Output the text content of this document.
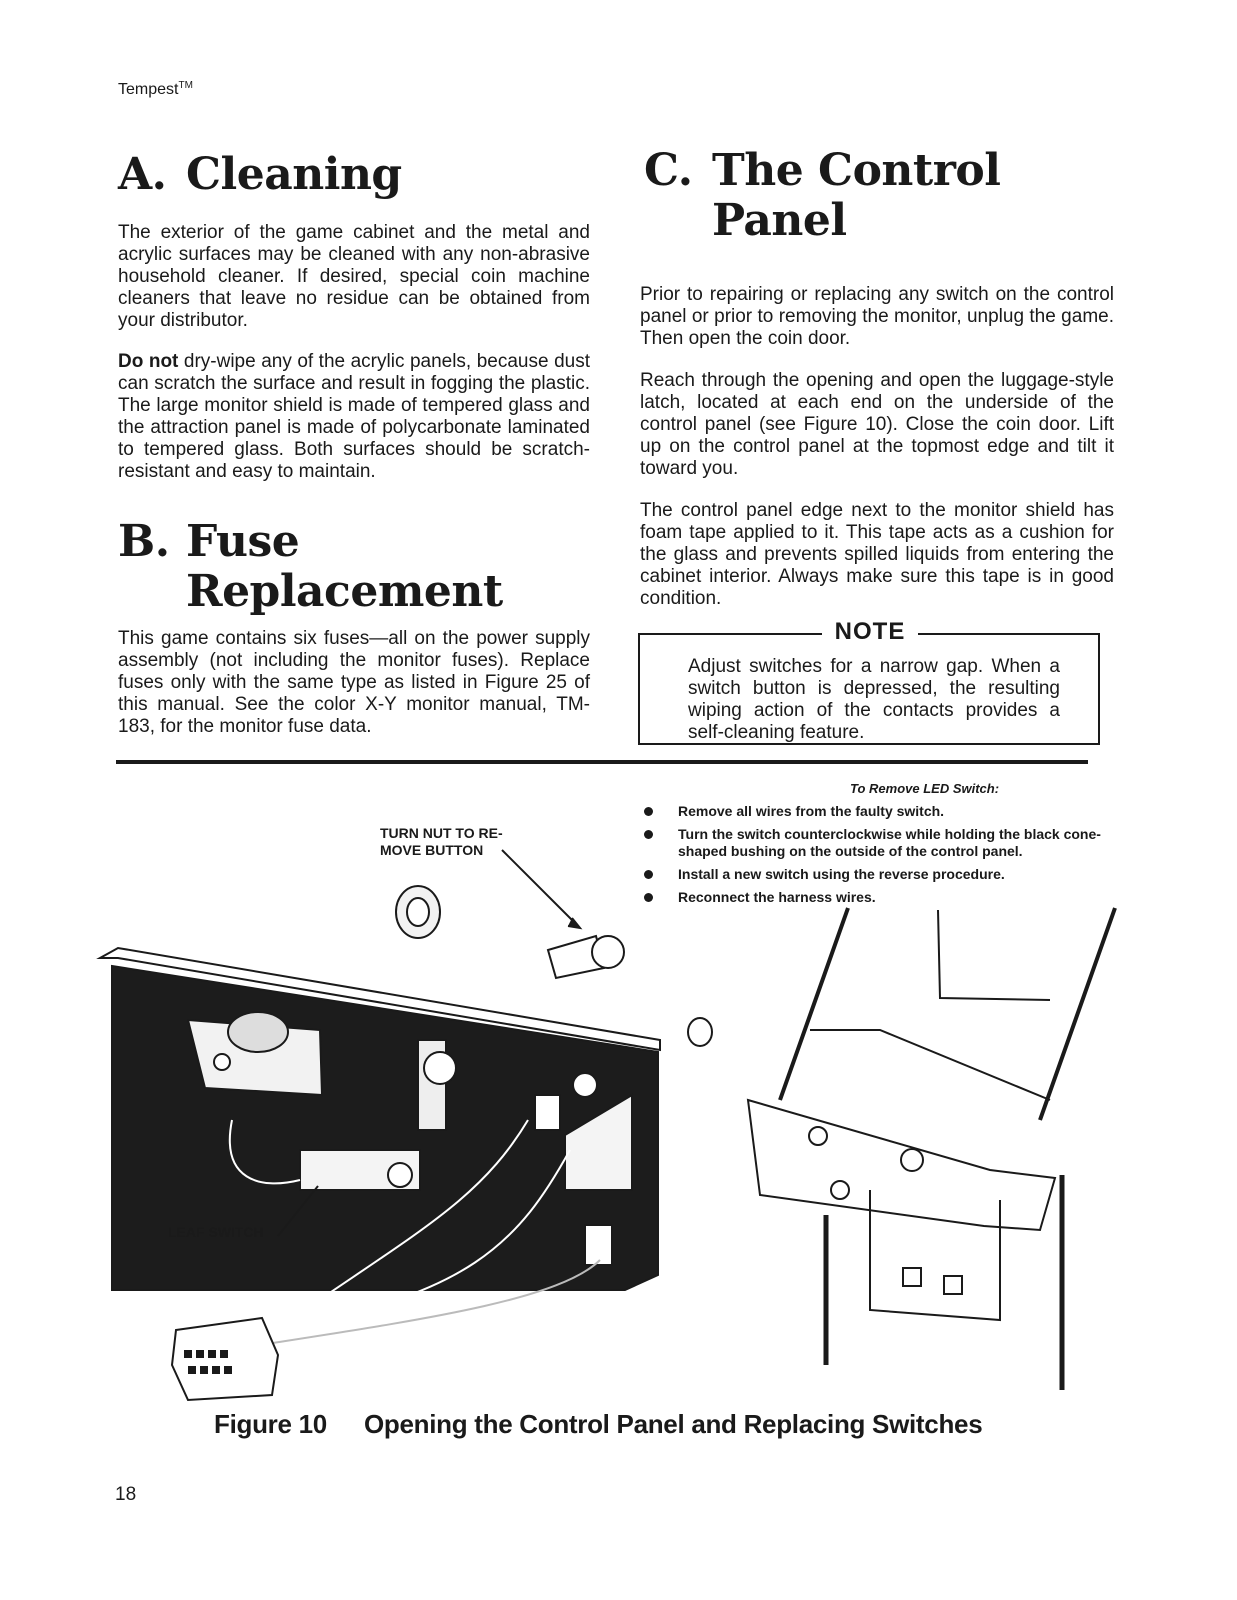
Tempest™
A. Cleaning

The exterior of the game cabinet and the metal and acrylic surfaces may be cleaned with any non-abrasive household cleaner. If desired, special coin machine cleaners that leave no residue can be obtained from your distributor.

Do not dry-wipe any of the acrylic panels, because dust can scratch the surface and result in fogging the plastic. The large monitor shield is made of tempered glass and the attraction panel is made of polycarbonate laminated to tempered glass. Both surfaces should be scratch-resistant and easy to maintain.

B. Fuse
Replacement

This game contains six fuses—all on the power supply assembly (not including the monitor fuses). Replace fuses only with the same type as listed in Figure 25 of this manual. See the color X-Y monitor manual, TM-183, for the monitor fuse data.

C. The Control
Panel

Prior to repairing or replacing any switch on the control panel or prior to removing the monitor, unplug the game. Then open the coin door.

Reach through the opening and open the luggage-style latch, located at each end on the underside of the control panel (see Figure 10). Close the coin door. Lift up on the control panel at the topmost edge and tilt it toward you.

The control panel edge next to the monitor shield has foam tape applied to it. This tape acts as a cushion for the glass and prevents spilled liquids from entering the cabinet interior. Always make sure this tape is in good condition.

NOTE

Adjust switches for a narrow gap. When a switch button is depressed, the resulting wiping action of the contacts provides a self-cleaning feature.

To Remove LED Switch:
Remove all wires from the faulty switch.
Turn the switch counterclockwise while holding the black cone-shaped bushing on the outside of the control panel.
Install a new switch using the reverse procedure.
Reconnect the harness wires.
TURN NUT TO RE-
MOVE BUTTON
LEAF SWITCH
Figure 10 Opening the Control Panel and Replacing Switches
18
